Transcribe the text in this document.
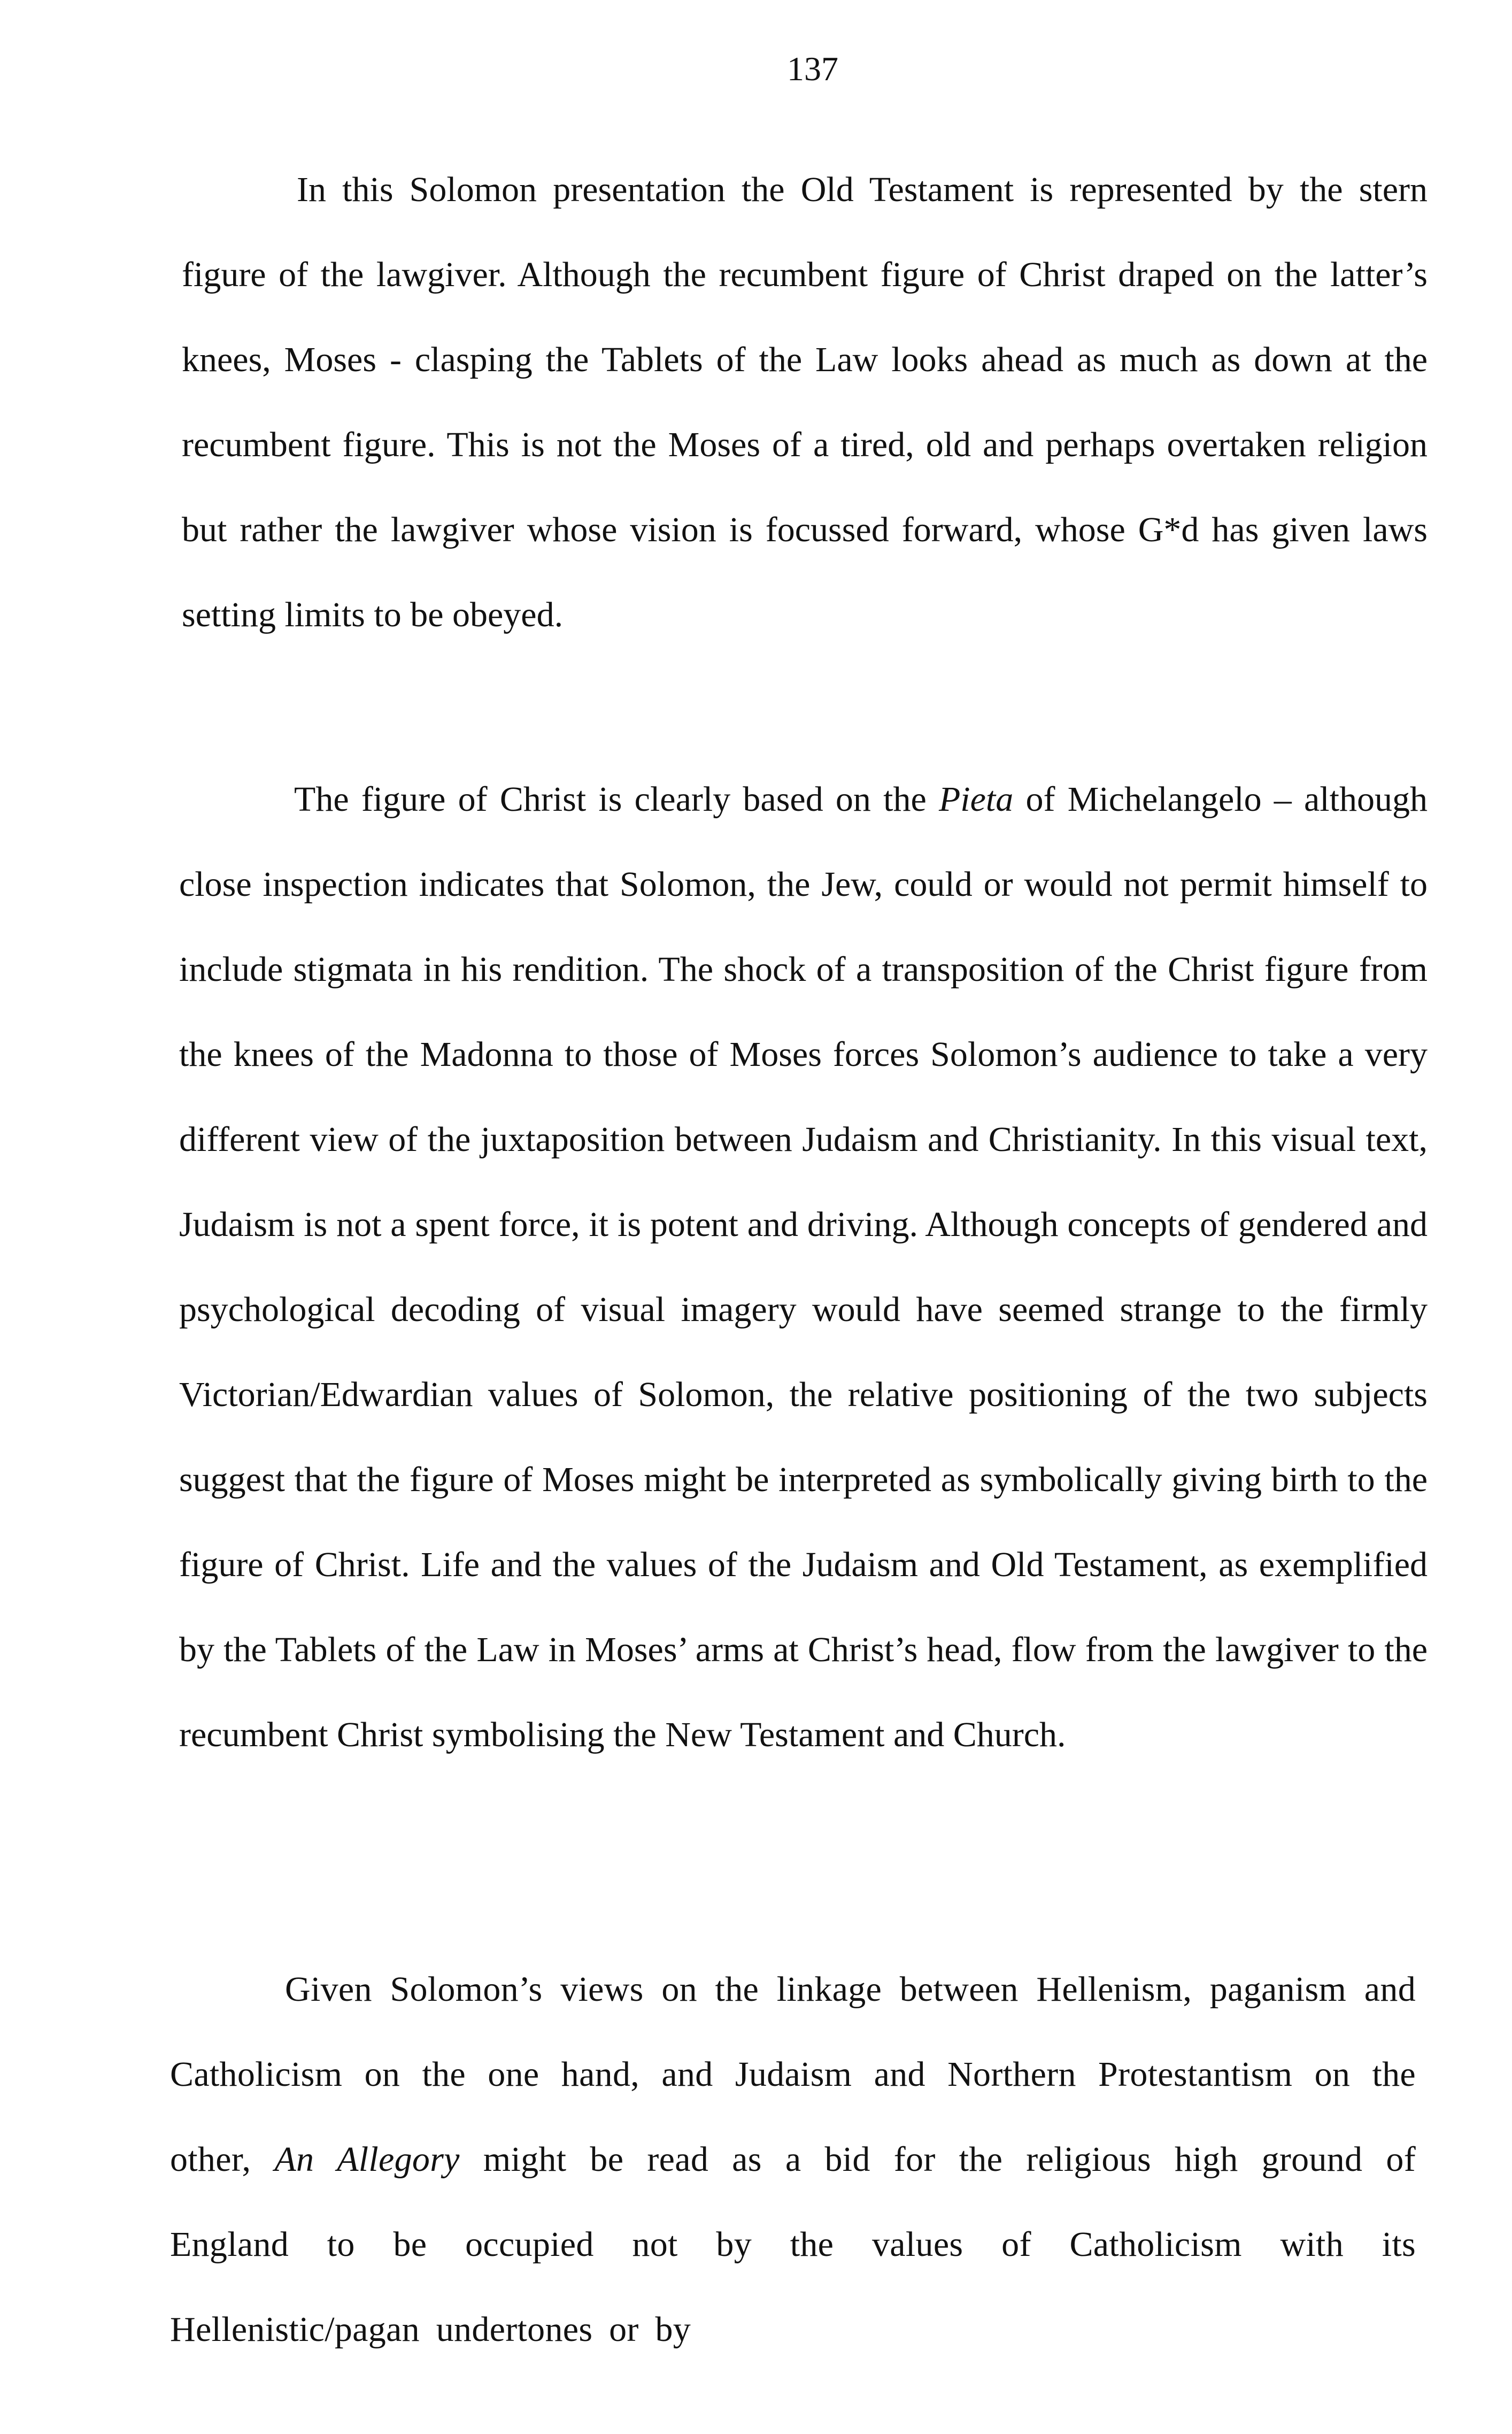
137

In this Solomon presentation the Old Testament is represented by the stern figure of the lawgiver. Although the recumbent figure of Christ draped on the latter’s knees, Moses - clasping the Tablets of the Law looks ahead as much as down at the recumbent figure. This is not the Moses of a tired, old and perhaps overtaken religion but rather the lawgiver whose vision is focussed forward, whose G*d has given laws setting limits to be obeyed.

The figure of Christ is clearly based on the Pieta of Michelangelo – although close inspection indicates that Solomon, the Jew, could or would not permit himself to include stigmata in his rendition. The shock of a transposition of the Christ figure from the knees of the Madonna to those of Moses forces Solomon’s audience to take a very different view of the juxtaposition between Judaism and Christianity. In this visual text, Judaism is not a spent force, it is potent and driving. Although concepts of gendered and psychological decoding of visual imagery would have seemed strange to the firmly Victorian/Edwardian values of Solomon, the relative positioning of the two subjects suggest that the figure of Moses might be interpreted as symbolically giving birth to the figure of Christ. Life and the values of the Judaism and Old Testament, as exemplified by the Tablets of the Law in Moses’ arms at Christ’s head, flow from the lawgiver to the recumbent Christ symbolising the New Testament and Church.

Given Solomon’s views on the linkage between Hellenism, paganism and Catholicism on the one hand, and Judaism and Northern Protestantism on the other, An Allegory might be read as a bid for the religious high ground of England to be occupied not by the values of Catholicism with its Hellenistic/pagan undertones or by
